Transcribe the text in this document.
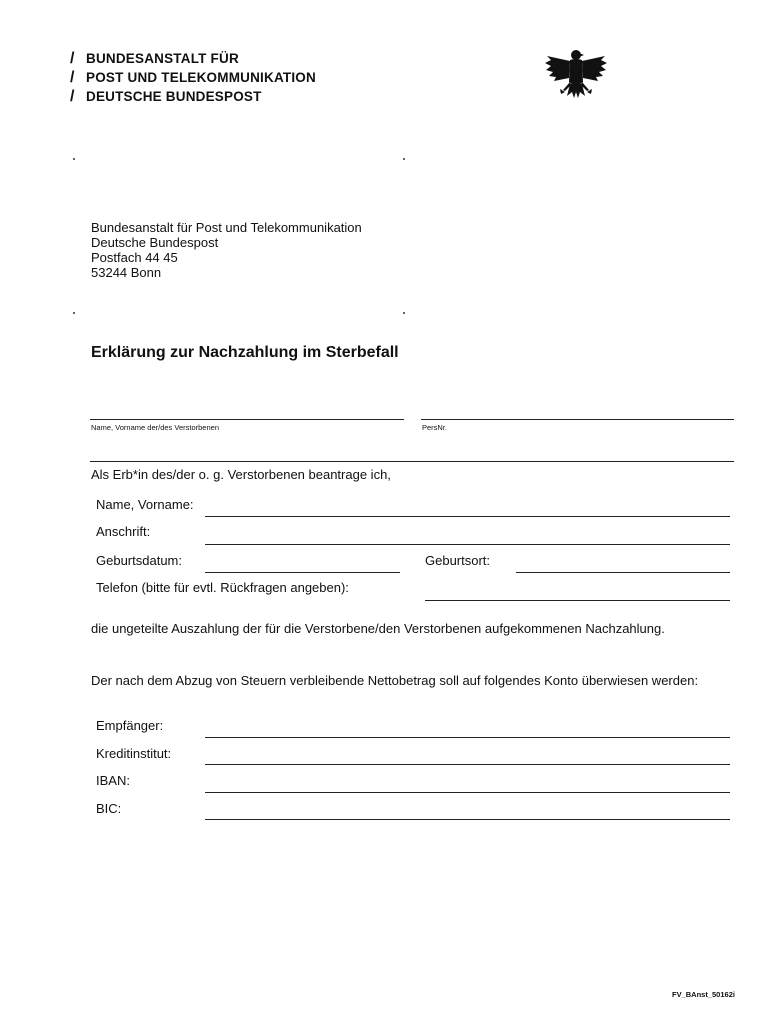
/ BUNDESANSTALT FÜR
/ POST UND TELEKOMMUNIKATION
/ DEUTSCHE BUNDESPOST
Bundesanstalt für Post und Telekommunikation
Deutsche Bundespost
Postfach 44 45
53244 Bonn
Erklärung zur Nachzahlung im Sterbefall
Name, Vorname der/des Verstorbenen	PersNr.
Als Erb*in des/der o. g. Verstorbenen beantrage ich,
Name, Vorname:
Anschrift:
Geburtsdatum:	Geburtsort:
Telefon (bitte für evtl. Rückfragen angeben):
die ungeteilte Auszahlung der für die Verstorbene/den Verstorbenen aufgekommenen Nachzahlung.
Der nach dem Abzug von Steuern verbleibende Nettobetrag soll auf folgendes Konto überwiesen werden:
Empfänger:
Kreditinstitut:
IBAN:
BIC:
FV_BAnst_50162i
